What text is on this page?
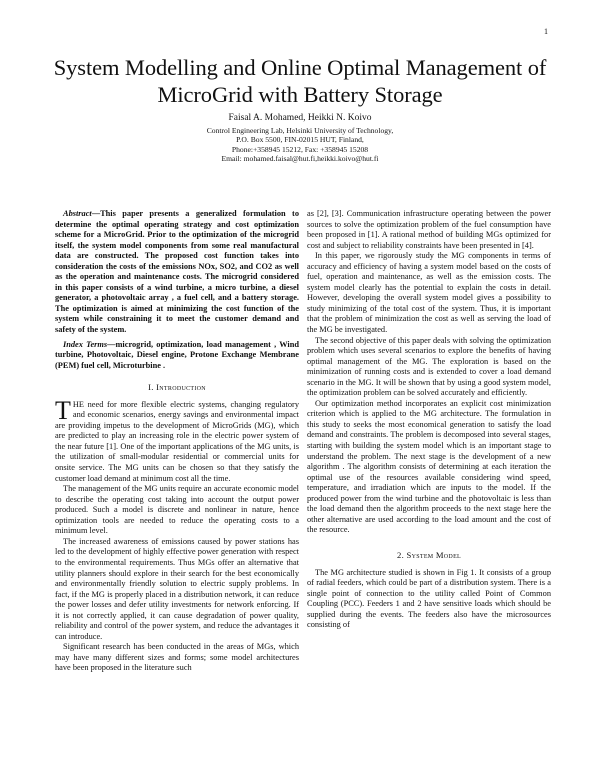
1
System Modelling and Online Optimal Management of MicroGrid with Battery Storage
Faisal A. Mohamed, Heikki N. Koivo
Control Engineering Lab, Helsinki University of Technology,
P.O. Box 5500, FIN-02015 HUT, Finland,
Phone:+358945 15212, Fax: +358945 15208
Email: mohamed.faisal@hut.fi,heikki.koivo@hut.fi

Abstract—This paper presents a generalized formulation to determine the optimal operating strategy and cost optimization scheme for a MicroGrid. Prior to the optimization of the microgrid itself, the system model components from some real manufactural data are constructed. The proposed cost function takes into consideration the costs of the emissions NOx, SO2, and CO2 as well as the operation and maintenance costs. The microgrid considered in this paper consists of a wind turbine, a micro turbine, a diesel generator, a photovoltaic array , a fuel cell, and a battery storage. The optimization is aimed at minimizing the cost function of the system while constraining it to meet the customer demand and safety of the system.

Index Terms—microgrid, optimization, load management , Wind turbine, Photovoltaic, Diesel engine, Protone Exchange Membrane (PEM) fuel cell, Microturbine .

I. Introduction

THE need for more flexible electric systems, changing regulatory and economic scenarios, energy savings and environmental impact are providing impetus to the development of MicroGrids (MG), which are predicted to play an increasing role in the electric power system of the near future [1]. One of the important applications of the MG units, is the utilization of small-modular residential or commercial units for onsite service. The MG units can be chosen so that they satisfy the customer load demand at minimum cost all the time.

The management of the MG units require an accurate economic model to describe the operating cost taking into account the output power produced. Such a model is discrete and nonlinear in nature, hence optimization tools are needed to reduce the operating costs to a minimum level.

The increased awareness of emissions caused by power stations has led to the development of highly effective power generation with respect to the environmental requirements. Thus MGs offer an alternative that utility planners should explore in their search for the best economically and environmentally friendly solution to electric supply problems. In fact, if the MG is properly placed in a distribution network, it can reduce the power losses and defer utility investments for network enforcing. If it is not correctly applied, it can cause degradation of power quality, reliability and control of the power system, and reduce the advantages it can introduce.

Significant research has been conducted in the areas of MGs, which may have many different sizes and forms; some model architectures have been proposed in the literature such

as [2], [3]. Communication infrastructure operating between the power sources to solve the optimization problem of the fuel consumption have been proposed in [1]. A rational method of building MGs optimized for cost and subject to reliability constraints have been presented in [4].

In this paper, we rigorously study the MG components in terms of accuracy and efficiency of having a system model based on the costs of fuel, operation and maintenance, as well as the emission costs. The system model clearly has the potential to explain the costs in detail. However, developing the overall system model gives a possibility to study minimizing of the total cost of the system. Thus, it is important that the problem of minimization the cost as well as serving the load of the MG be investigated.

The second objective of this paper deals with solving the optimization problem which uses several scenarios to explore the benefits of having optimal management of the MG. The exploration is based on the minimization of running costs and is extended to cover a load demand scenario in the MG. It will be shown that by using a good system model, the optimization problem can be solved accurately and efficiently.

Our optimization method incorporates an explicit cost minimization criterion which is applied to the MG architecture. The formulation in this study to seeks the most economical generation to satisfy the load demand and constraints. The problem is decomposed into several stages, starting with building the system model which is an important stage to understand the problem. The next stage is the development of a new algorithm . The algorithm consists of determining at each iteration the optimal use of the resources available considering wind speed, temperature, and irradiation which are inputs to the model. If the produced power from the wind turbine and the photovoltaic is less than the load demand then the algorithm proceeds to the next stage here the other alternative are used according to the load amount and the cost of the resource.

2. System Model

The MG architecture studied is shown in Fig 1. It consists of a group of radial feeders, which could be part of a distribution system. There is a single point of connection to the utility called Point of Common Coupling (PCC). Feeders 1 and 2 have sensitive loads which should be supplied during the events. The feeders also have the microsources consisting of
